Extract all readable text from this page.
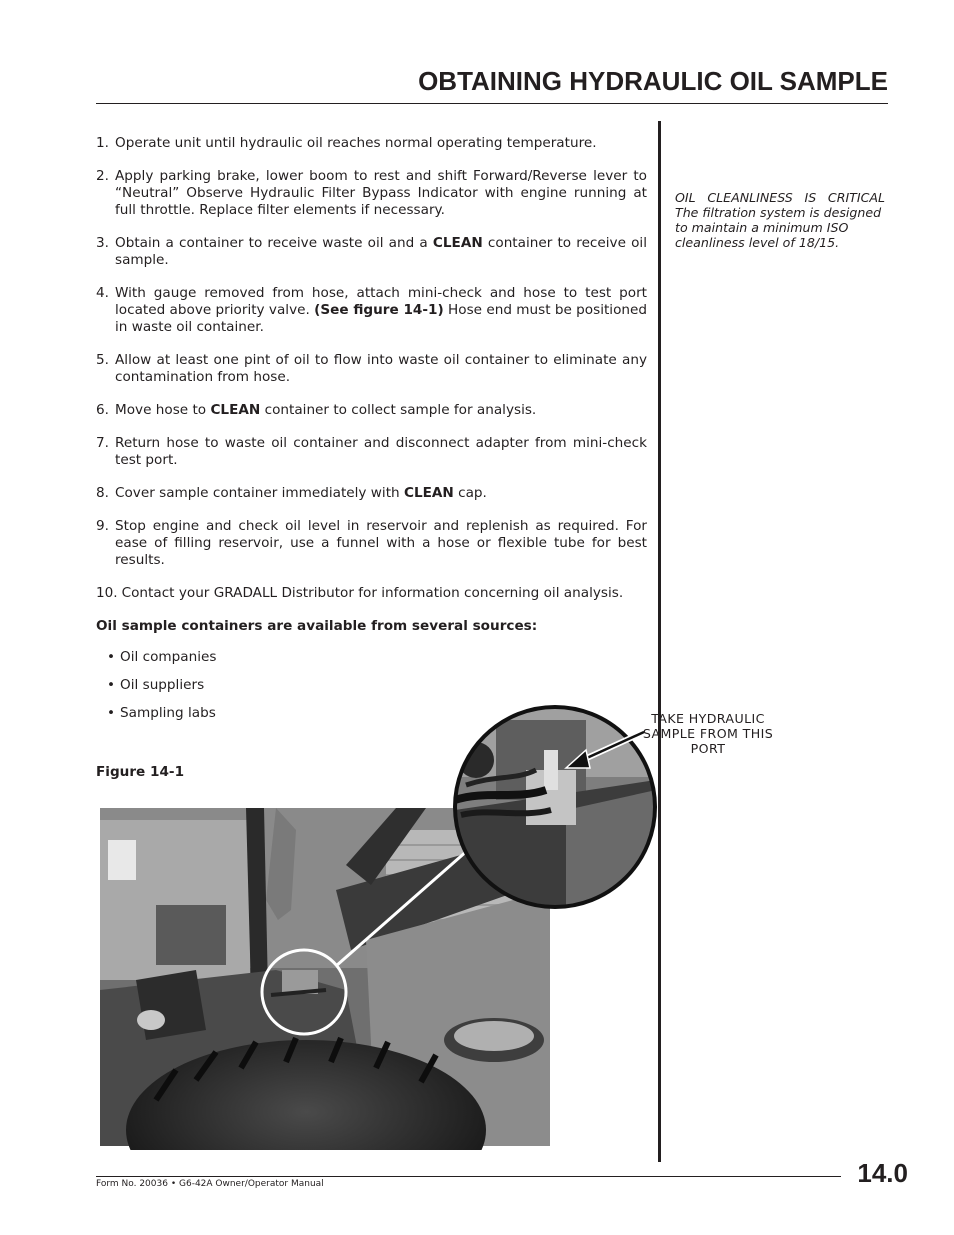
OBTAINING HYDRAULIC OIL SAMPLE
1. Operate unit until hydraulic oil reaches normal operating temperature.
2. Apply parking brake, lower boom to rest and shift Forward/Reverse lever to “Neutral” Observe Hydraulic Filter Bypass Indicator with engine running at full throttle. Replace filter elements if necessary.
3. Obtain a container to receive waste oil and a CLEAN container to receive oil sample.
4. With gauge removed from hose, attach mini-check and hose to test port located above priority valve. (See figure 14-1) Hose end must be positioned in waste oil container.
5. Allow at least one pint of oil to flow into waste oil container to eliminate any contamination from hose.
6. Move hose to CLEAN container to collect sample for analysis.
7. Return hose to waste oil container and disconnect adapter from mini-check test port.
8. Cover sample container immediately with CLEAN cap.
9. Stop engine and check oil level in reservoir and replenish as required. For ease of filling reservoir, use a funnel with a hose or flexible tube for best results.
10. Contact your GRADALL Distributor for information concerning oil analysis.

Oil sample containers are available from several sources:

• Oil companies
• Oil suppliers
• Sampling labs
Figure 14-1
OIL CLEANLINESS IS CRITICAL
The filtration system is designed to maintain a minimum ISO cleanliness level of 18/15.
TAKE HYDRAULIC SAMPLE FROM THIS PORT
Form No. 20036 • G6-42A Owner/Operator Manual	14.0
